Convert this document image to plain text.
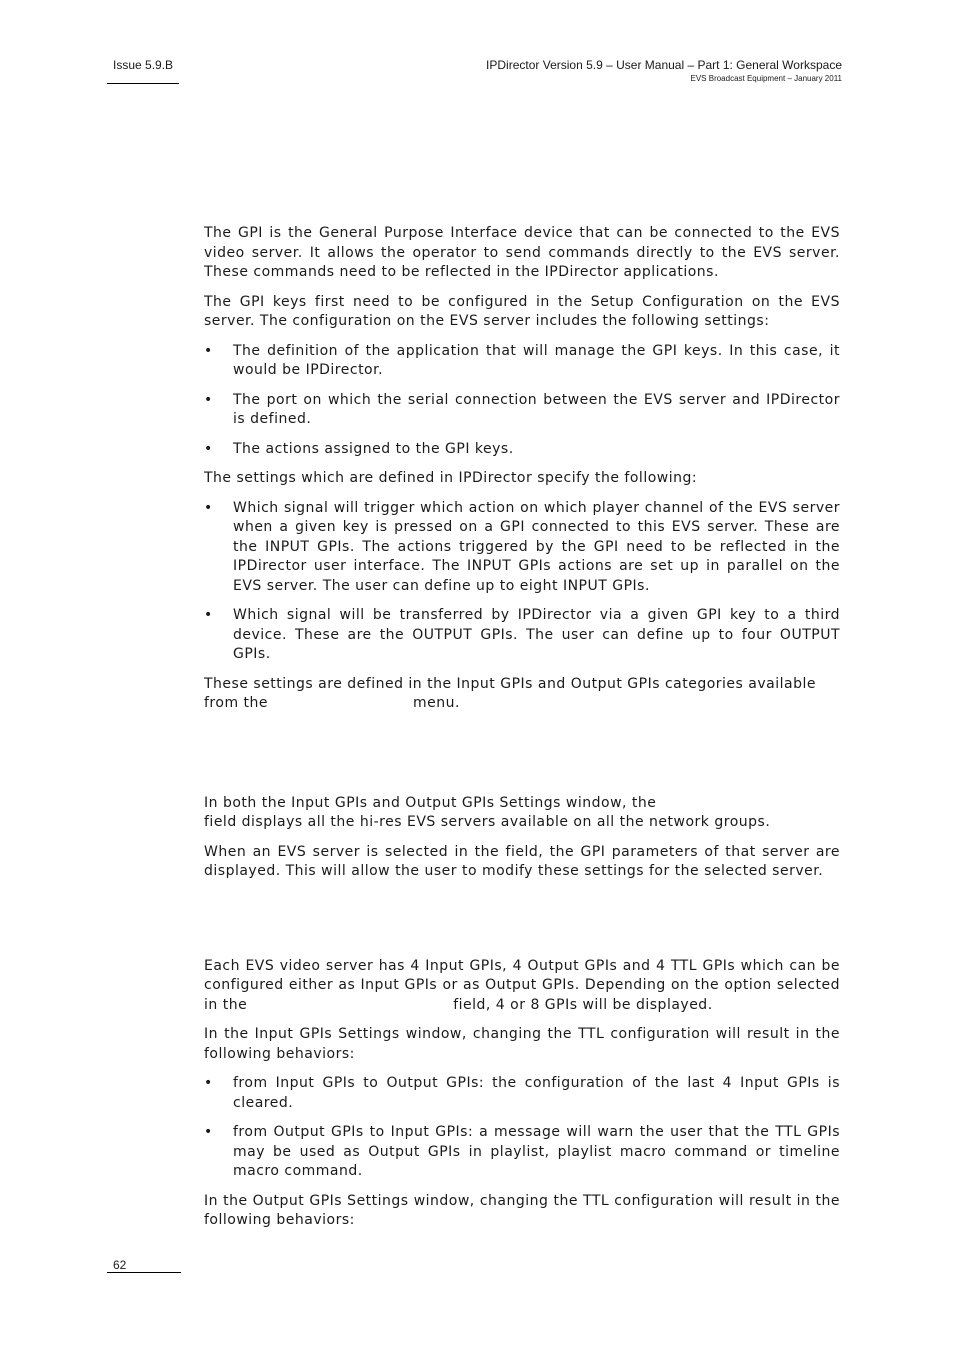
Issue 5.9.B	IPDirector Version 5.9 – User Manual – Part 1: General Workspace
EVS Broadcast Equipment – January 2011

The GPI is the General Purpose Interface device that can be connected to the EVS video server. It allows the operator to send commands directly to the EVS server. These commands need to be reflected in the IPDirector applications.

The GPI keys first need to be configured in the Setup Configuration on the EVS server. The configuration on the EVS server includes the following settings:

• The definition of the application that will manage the GPI keys. In this case, it would be IPDirector.
• The port on which the serial connection between the EVS server and IPDirector is defined.
• The actions assigned to the GPI keys.

The settings which are defined in IPDirector specify the following:

• Which signal will trigger which action on which player channel of the EVS server when a given key is pressed on a GPI connected to this EVS server. These are the INPUT GPIs. The actions triggered by the GPI need to be reflected in the IPDirector user interface. The INPUT GPIs actions are set up in parallel on the EVS server. The user can define up to eight INPUT GPIs.
• Which signal will be transferred by IPDirector via a given GPI key to a third device. These are the OUTPUT GPIs. The user can define up to four OUTPUT GPIs.

These settings are defined in the Input GPIs and Output GPIs categories available from the	menu.

In both the Input GPIs and Output GPIs Settings window, the
field displays all the hi-res EVS servers available on all the network groups.

When an EVS server is selected in the field, the GPI parameters of that server are displayed. This will allow the user to modify these settings for the selected server.

Each EVS video server has 4 Input GPIs, 4 Output GPIs and 4 TTL GPIs which can be configured either as Input GPIs or as Output GPIs. Depending on the option selected in the	field, 4 or 8 GPIs will be displayed.

In the Input GPIs Settings window, changing the TTL configuration will result in the following behaviors:

• from Input GPIs to Output GPIs: the configuration of the last 4 Input GPIs is cleared.
• from Output GPIs to Input GPIs: a message will warn the user that the TTL GPIs may be used as Output GPIs in playlist, playlist macro command or timeline macro command.

In the Output GPIs Settings window, changing the TTL configuration will result in the following behaviors:

62
